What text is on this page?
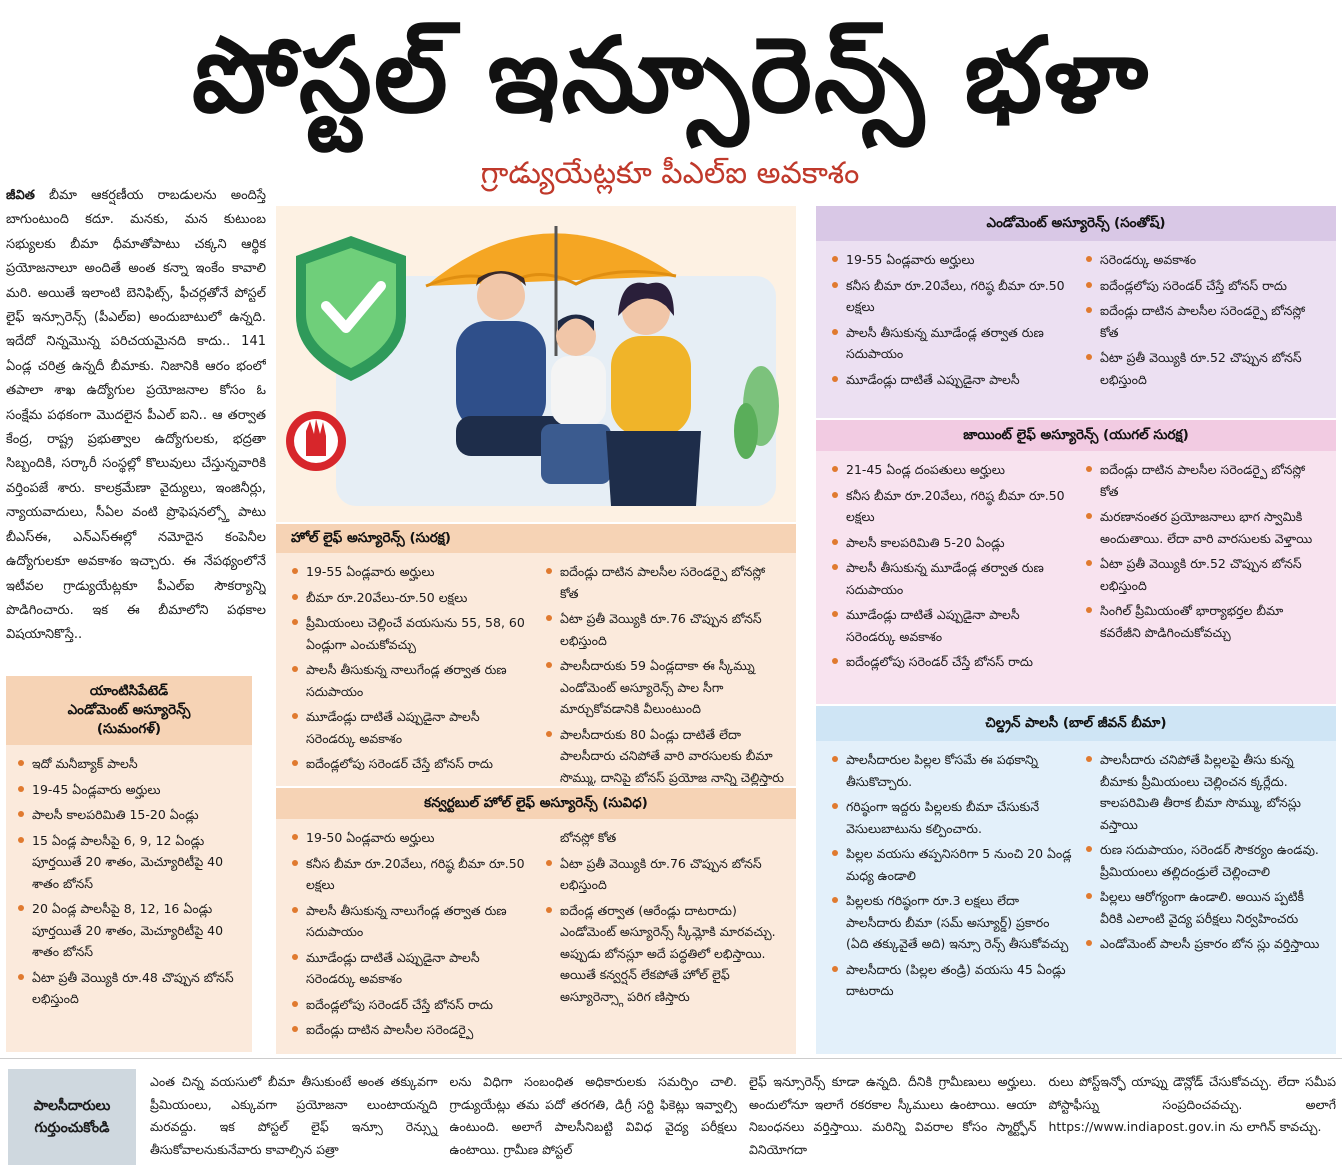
పోస్టల్ ఇన్సూరెన్స్ భళా
గ్రాడ్యుయేట్లకూ పీఎల్ఐ అవకాశం
జీవిత బీమా ఆకర్షణీయ రాబడులను అందిస్తే బాగుంటుంది కదూ. మనకు, మన కుటుంబ సభ్యులకు బీమా ధీమాతోపాటు చక్కని ఆర్థిక ప్రయోజనాలూ అందితే అంత కన్నా ఇంకేం కావాలి మరి. అయితే ఇలాంటి బెనిఫిట్స్, ఫీచర్లతోనే పోస్టల్ లైఫ్ ఇన్సూరెన్స్ (పీఎల్ఐ) అందుబాటులో ఉన్నది. ఇదేదో నిన్నమొన్న పరిచయమైనది కాదు.. 141 ఏండ్ల చరిత్ర ఉన్నదీ బీమాకు. నిజానికి ఆరం భంలో తపాలా శాఖ ఉద్యోగుల ప్రయోజనాల కోసం ఓ సంక్షేమ పథకంగా మొదలైన పీఎల్ ఐని.. ఆ తర్వాత కేంద్ర, రాష్ట్ర ప్రభుత్వాల ఉద్యోగులకు, భద్రతా సిబ్బందికి, సర్కారీ సంస్థల్లో కొలువులు చేస్తున్నవారికి వర్తింపజే శారు. కాలక్రమేణా వైద్యులు, ఇంజినీర్లు, న్యాయవాదులు, సీఏల వంటి ప్రొఫెషనల్స్తో పాటు బీఎస్ఈ, ఎన్ఎస్ఈల్లో నమోదైన కంపెనీల ఉద్యోగులకూ అవకాశం ఇచ్చారు. ఈ నేపథ్యంలోనే ఇటీవల గ్రాడ్యుయేట్లకూ పీఎల్ఐ సౌకర్యాన్ని పొడిగించారు. ఇక ఈ బీమాలోని పథకాల విషయానికొస్తే..
యాంటిసిపేటెడ్
ఎండోమెంట్ అస్యూరెన్స్
(సుమంగళ్)
ఇదో మనీబ్యాక్ పాలసీ
19-45 ఏండ్లవారు అర్హులు
పాలసీ కాలపరిమితి 15-20 ఏండ్లు
15 ఏండ్ల పాలసీపై 6, 9, 12 ఏండ్లు పూర్తయితే 20 శాతం, మెచ్యూరిటీపై 40 శాతం బోనస్
20 ఏండ్ల పాలసీపై 8, 12, 16 ఏండ్లు పూర్తయితే 20 శాతం, మెచ్యూరిటీపై 40 శాతం బోనస్
ఏటా ప్రతీ వెయ్యికి రూ.48 చొప్పున బోనస్ లభిస్తుంది
హోల్ లైఫ్ అస్యూరెన్స్ (సురక్ష)
19-55 ఏండ్లవారు అర్హులు
బీమా రూ.20వేలు-రూ.50 లక్షలు
ప్రీమియంలు చెల్లించే వయసును 55, 58, 60 ఏండ్లుగా ఎంచుకోవచ్చు
పాలసీ తీసుకున్న నాలుగేండ్ల తర్వాత రుణ సదుపాయం
మూడేండ్లు దాటితే ఎప్పుడైనా పాలసీ సరెండర్కు అవకాశం
ఐదేండ్లలోపు సరెండర్ చేస్తే బోనస్ రాదు
ఐదేండ్లు దాటిన పాలసీల సరెండర్పై బోనస్లో కోత
ఏటా ప్రతీ వెయ్యికి రూ.76 చొప్పున బోనస్ లభిస్తుంది
పాలసీదారుకు 59 ఏండ్లదాకా ఈ స్కీమ్ను ఎండోమెంట్ అస్యూరెన్స్ పాల సీగా మార్చుకోవడానికి వీలుంటుంది
పాలసీదారుకు 80 ఏండ్లు దాటితే లేదా పాలసీదారు చనిపోతే వారి వారసులకు బీమా సొమ్ము, దానిపై బోనస్ ప్రయోజ నాన్ని చెల్లిస్తారు
కన్వర్టబుల్ హోల్ లైఫ్ అస్యూరెన్స్ (సువిధ)
19-50 ఏండ్లవారు అర్హులు
కనీస బీమా రూ.20వేలు, గరిష్ఠ బీమా రూ.50 లక్షలు
పాలసీ తీసుకున్న నాలుగేండ్ల తర్వాత రుణ సదుపాయం
మూడేండ్లు దాటితే ఎప్పుడైనా పాలసీ సరెండర్కు అవకాశం
ఐదేండ్లలోపు సరెండర్ చేస్తే బోనస్ రాదు
ఐదేండ్లు దాటిన పాలసీల సరెండర్పై
బోనస్లో కోత
ఏటా ప్రతీ వెయ్యికి రూ.76 చొప్పున బోనస్ లభిస్తుంది
ఐదేండ్ల తర్వాత (ఆరేండ్లు దాటరాదు) ఎండోమెంట్ అస్యూరెన్స్ స్కీమ్లోకి మారవచ్చు. అప్పుడు బోనస్లూ అదే పద్ధతిలో లభిస్తాయి. అయితే కన్వర్షన్ లేకపోతే హోల్ లైఫ్ అస్యూరెన్స్గా పరిగ ణిస్తారు
ఎండోమెంట్ అస్యూరెన్స్ (సంతోష్)
19-55 ఏండ్లవారు అర్హులు
కనీస బీమా రూ.20వేలు, గరిష్ఠ బీమా రూ.50 లక్షలు
పాలసీ తీసుకున్న మూడేండ్ల తర్వాత రుణ సదుపాయం
మూడేండ్లు దాటితే ఎప్పుడైనా పాలసీ
సరెండర్కు అవకాశం
ఐదేండ్లలోపు సరెండర్ చేస్తే బోనస్ రాదు
ఐదేండ్లు దాటిన పాలసీల సరెండర్పై బోనస్లో కోత
ఏటా ప్రతీ వెయ్యికి రూ.52 చొప్పున బోనస్ లభిస్తుంది
జాయింట్ లైఫ్ అస్యూరెన్స్ (యుగల్ సురక్ష)
21-45 ఏండ్ల దంపతులు అర్హులు
కనీస బీమా రూ.20వేలు, గరిష్ఠ బీమా రూ.50 లక్షలు
పాలసీ కాలపరిమితి 5-20 ఏండ్లు
పాలసీ తీసుకున్న మూడేండ్ల తర్వాత రుణ సదుపాయం
మూడేండ్లు దాటితే ఎప్పుడైనా పాలసీ సరెండర్కు అవకాశం
ఐదేండ్లలోపు సరెండర్ చేస్తే బోనస్ రాదు
ఐదేండ్లు దాటిన పాలసీల సరెండర్పై బోనస్లో కోత
మరణానంతర ప్రయోజనాలు భాగ స్వామికి అందుతాయి. లేదా వారి వారసులకు వెళ్తాయి
ఏటా ప్రతీ వెయ్యికి రూ.52 చొప్పున బోనస్ లభిస్తుంది
సింగిల్ ప్రీమియంతో భార్యాభర్తల బీమా కవరేజీని పొడిగించుకోవచ్చు
చిల్డ్రన్ పాలసీ (బాల్ జీవన్ బీమా)
పాలసీదారుల పిల్లల కోసమే ఈ పథకాన్ని తీసుకొచ్చారు.
గరిష్ఠంగా ఇద్దరు పిల్లలకు బీమా చేసుకునే వెసులుబాటును కల్పించారు.
పిల్లల వయసు తప్పనిసరిగా 5 నుంచి 20 ఏండ్ల మధ్య ఉండాలి
పిల్లలకు గరిష్ఠంగా రూ.3 లక్షలు లేదా పాలసీదారు బీమా (సమ్ అస్యూర్డ్) ప్రకారం (ఏది తక్కువైతే అది) ఇన్సూ రెన్స్ తీసుకోవచ్చు
పాలసీదారు (పిల్లల తండ్రి) వయసు 45 ఏండ్లు దాటరాదు
పాలసీదారు చనిపోతే పిల్లలపై తీసు కున్న బీమాకు ప్రీమియంలు చెల్లించన క్కర్లేదు. కాలపరిమితి తీరాక బీమా సొమ్ము, బోనస్లు వస్తాయి
రుణ సదుపాయం, సరెండర్ సౌకర్యం ఉండవు. ప్రీమియంలు తల్లిదండ్రులే చెల్లించాలి
పిల్లలు ఆరోగ్యంగా ఉండాలి. అయిన ప్పటికీ వీరికి ఎలాంటి వైద్య పరీక్షలు నిర్వహించరు
ఎండోమెంట్ పాలసీ ప్రకారం బోన స్లు వర్తిస్తాయి
పాలసీదారులు గుర్తుంచుకోండి
ఎంత చిన్న వయసులో బీమా తీసుకుంటే అంత తక్కువగా ప్రీమియంలు, ఎక్కువగా ప్రయోజనా లుంటాయన్నది మరవద్దు. ఇక పోస్టల్ లైఫ్ ఇన్సూ రెన్స్ను తీసుకోవాలనుకునేవారు కావాల్సిన పత్రా
లను విధిగా సంబంధిత అధికారులకు సమర్పిం చాలి. గ్రాడ్యుయేట్లు తమ పదో తరగతి, డిగ్రీ సర్టి ఫికెట్లు ఇవ్వాల్సి ఉంటుంది. అలాగే పాలసీనిబట్టి వివిధ వైద్య పరీక్షలు ఉంటాయి. గ్రామీణ పోస్టల్
లైఫ్ ఇన్సూరెన్స్ కూడా ఉన్నది. దీనికి గ్రామీణులు అర్హులు. అందులోనూ ఇలాగే రకరకాల స్కీములు ఉంటాయి. ఆయా నిబంధనలు వర్తిస్తాయి. మరిన్ని వివరాల కోసం స్మార్ట్ఫోన్ వినియోగదా
రులు పోస్ట్ఇన్ఫో యాప్ను డౌన్లోడ్ చేసుకోవచ్చు. లేదా సమీప పోస్టాఫీస్ను సంప్రదించవచ్చు. అలాగే https://www.indiapost.gov.in ను లాగిన్ కావచ్చు.
